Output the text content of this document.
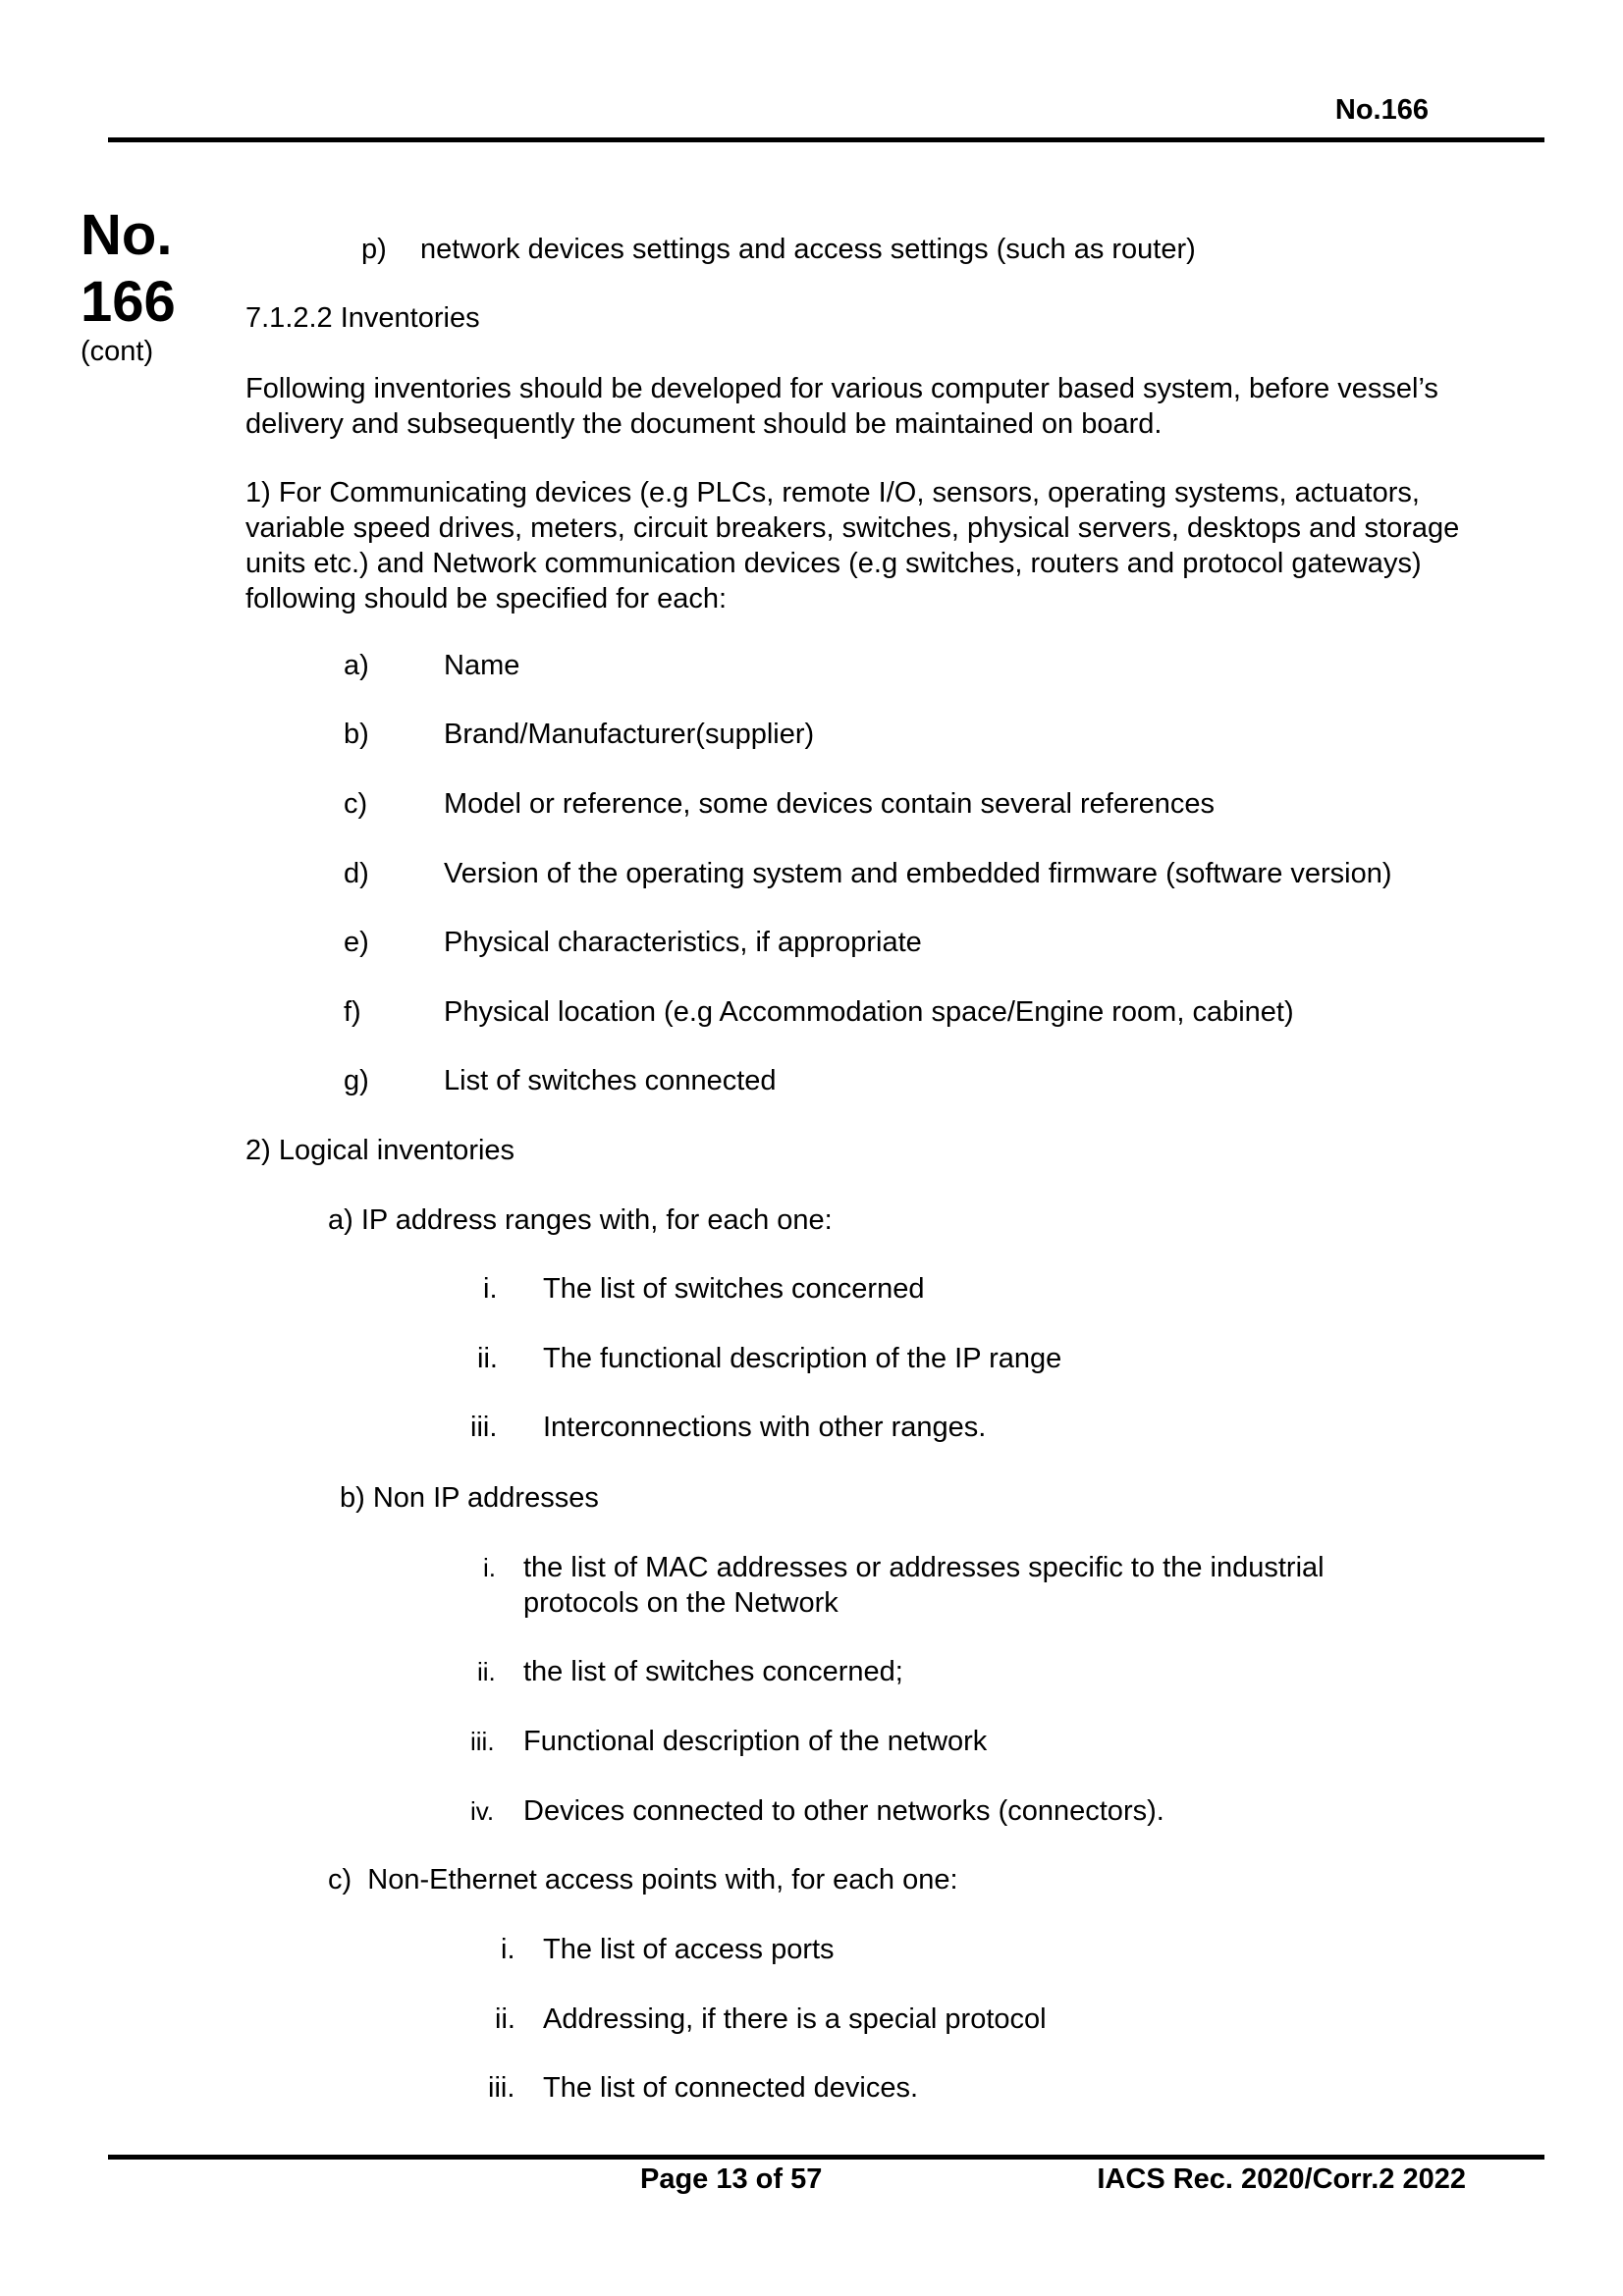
No.166
No.
166
(cont)
p) network devices settings and access settings (such as router)
7.1.2.2 Inventories
Following inventories should be developed for various computer based system, before vessel’s delivery and subsequently the document should be maintained on board.
1) For Communicating devices (e.g PLCs, remote I/O, sensors, operating systems, actuators, variable speed drives, meters, circuit breakers, switches, physical servers, desktops and storage units etc.) and Network communication devices (e.g switches, routers and protocol gateways) following should be specified for each:
a)	Name
b)	Brand/Manufacturer(supplier)
c)	Model or reference, some devices contain several references
d)	Version of the operating system and embedded firmware (software version)
e)	Physical characteristics, if appropriate
f)	Physical location (e.g Accommodation space/Engine room, cabinet)
g)	List of switches connected
2) Logical inventories
a) IP address ranges with, for each one:
i. The list of switches concerned
ii. The functional description of the IP range
iii. Interconnections with other ranges.
b) Non IP addresses
i. the list of MAC addresses or addresses specific to the industrial
protocols on the Network
ii. the list of switches concerned;
iii. Functional description of the network
iv. Devices connected to other networks (connectors).
c)  Non-Ethernet access points with, for each one:
i. The list of access ports
ii. Addressing, if there is a special protocol
iii. The list of connected devices.
Page 13 of 57	IACS Rec. 2020/Corr.2 2022
